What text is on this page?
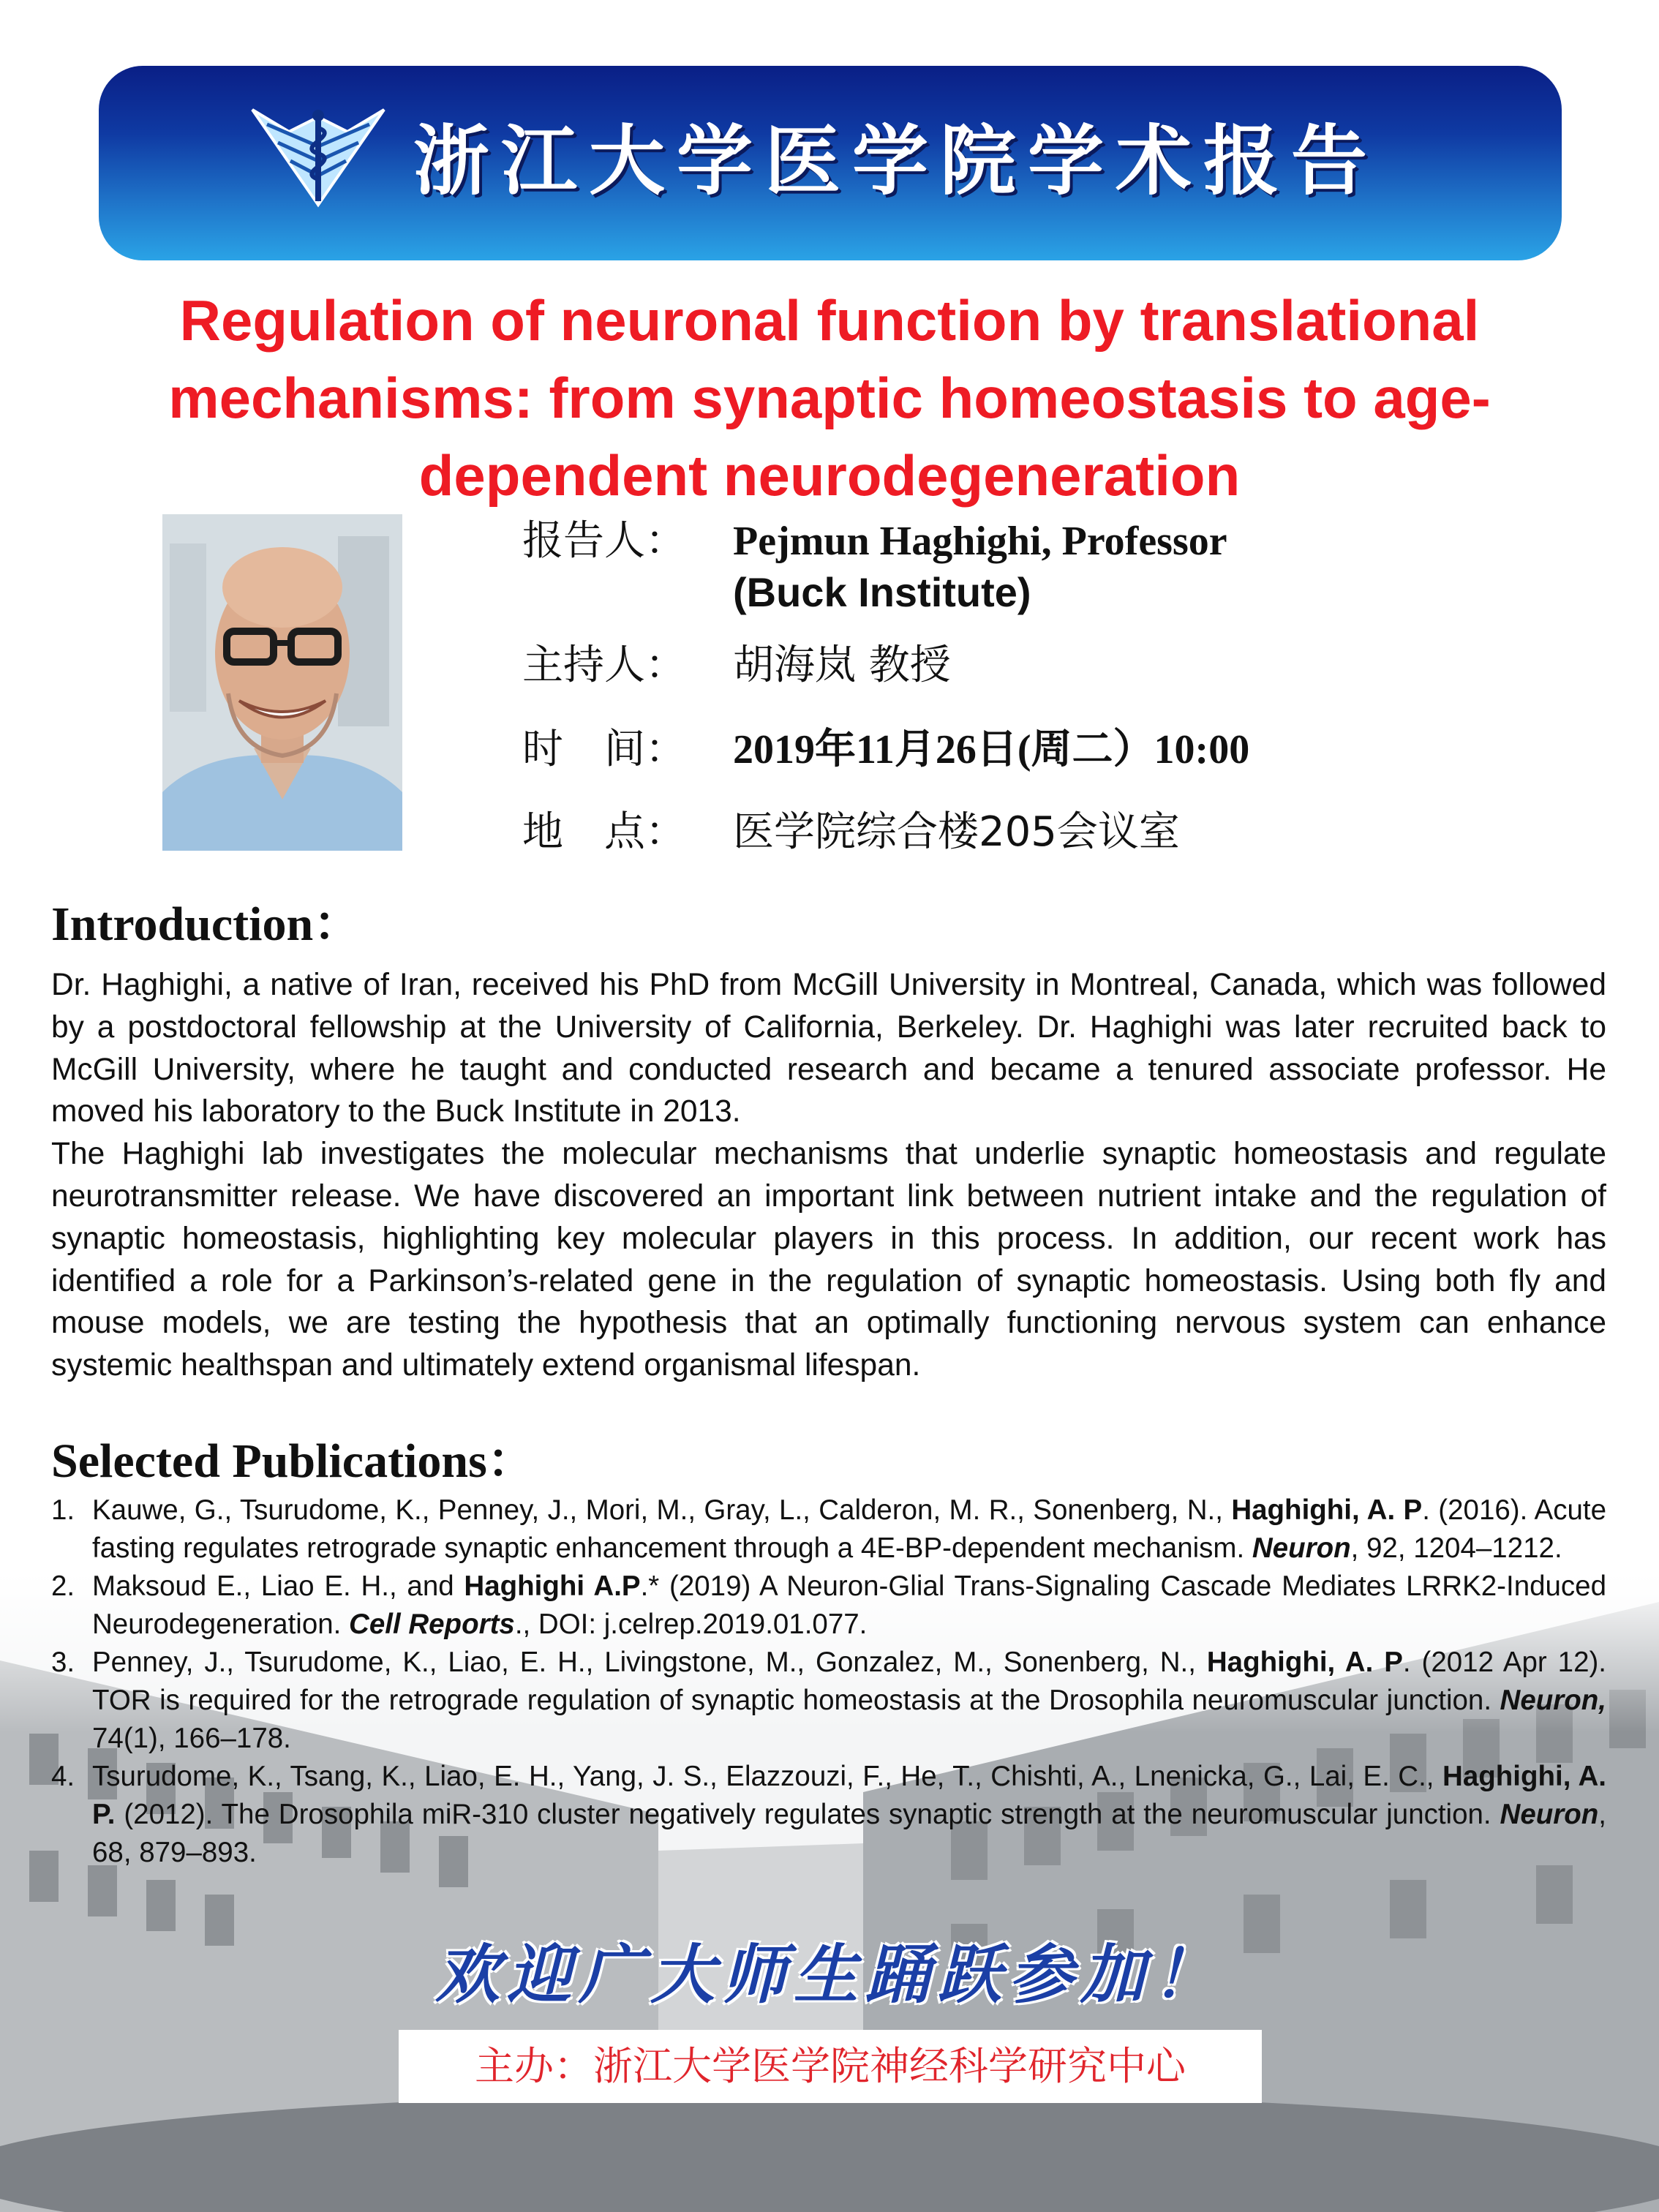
浙江大学医学院学术报告
Regulation of neuronal function by translational mechanisms: from synaptic homeostasis to age-dependent neurodegeneration
报告人： Pejmun Haghighi, Professor
(Buck Institute)
主持人： 胡海岚 教授
时　间： 2019年11月26日(周二）10:00
地　点： 医学院综合楼205会议室
Introduction：

Dr. Haghighi, a native of Iran, received his PhD from McGill University in Montreal, Canada, which was followed by a postdoctoral fellowship at the University of California, Berkeley. Dr. Haghighi was later recruited back to McGill University, where he taught and conducted research and became a tenured associate professor. He moved his laboratory to the Buck Institute in 2013.

The Haghighi lab investigates the molecular mechanisms that underlie synaptic homeostasis and regulate neurotransmitter release. We have discovered an important link between nutrient intake and the regulation of synaptic homeostasis, highlighting key molecular players in this process. In addition, our recent work has identified a role for a Parkinson’s-related gene in the regulation of synaptic homeostasis. Using both fly and mouse models, we are testing the hypothesis that an optimally functioning nervous system can enhance systemic healthspan and ultimately extend organismal lifespan.

Selected Publications：
1. Kauwe, G., Tsurudome, K., Penney, J., Mori, M., Gray, L., Calderon, M. R., Sonenberg, N., Haghighi, A. P. (2016). Acute fasting regulates retrograde synaptic enhancement through a 4E-BP-dependent mechanism. Neuron, 92, 1204–1212.
2. Maksoud E., Liao E. H., and Haghighi A.P.* (2019) A Neuron-Glial Trans-Signaling Cascade Mediates LRRK2-Induced Neurodegeneration. Cell Reports., DOI: j.celrep.2019.01.077.
3. Penney, J., Tsurudome, K., Liao, E. H., Livingstone, M., Gonzalez, M., Sonenberg, N., Haghighi, A. P. (2012 Apr 12). TOR is required for the retrograde regulation of synaptic homeostasis at the Drosophila neuromuscular junction. Neuron, 74(1), 166–178.
4. Tsurudome, K., Tsang, K., Liao, E. H., Yang, J. S., Elazzouzi, F., He, T., Chishti, A., Lnenicka, G., Lai, E. C., Haghighi, A. P. (2012). The Drosophila miR-310 cluster negatively regulates synaptic strength at the neuromuscular junction. Neuron, 68, 879–893.
欢迎广大师生踊跃参加！
主办：浙江大学医学院神经科学研究中心
